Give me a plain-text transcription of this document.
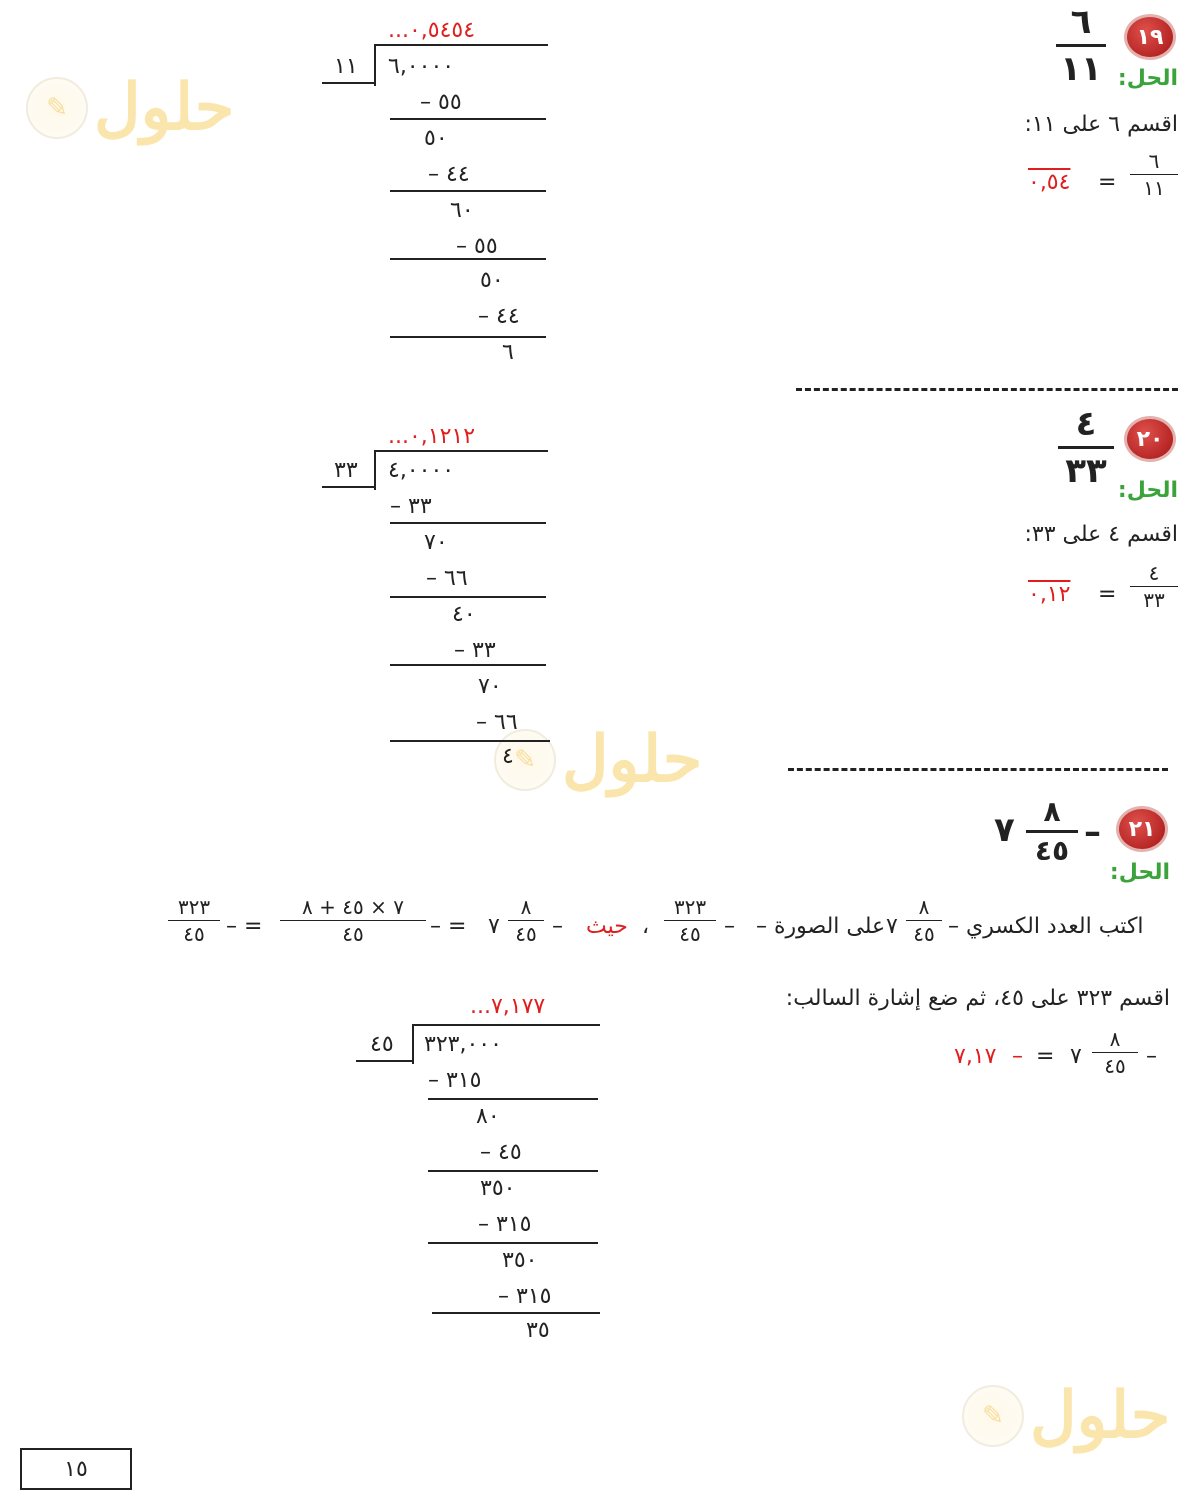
✎ حلول
✎ حلول
✎ حلول
١٩
٦
١١ الحل:
اقسم ٦ على ١١:
٦
١١
=
٠,٥٤
٠,٥٤٥٤...
١١ ٦,٠٠٠٠
٥٥ –
٥٠
٤٤ –
٦٠
٥٥ –
٥٠
٤٤ –
٦
٢٠
٤
٣٣ الحل:
اقسم ٤ على ٣٣:
٤
٣٣
=
٠,١٢
٠,١٢١٢...
٣٣ ٤,٠٠٠٠
٣٣ –
٧٠
٦٦ –
٤٠
٣٣ –
٧٠
٦٦ –
٤
٢١
–
٨
٤٥
٧
الحل:
٣٢٣
٤٥ – =
٧ × ٤٥ + ٨
٤٥	– = ٧
٨
٤٥ – حيث ،
٣٢٣
٤٥ – على الصورة – ٧
٨
٤٥ اكتب العدد الكسري –
اقسم ٣٢٣ على ٤٥، ثم ضع إشارة السالب:
–
٨
٤٥
٧
=
–
٧,١٧
٧,١٧٧...
٤٥ ٣٢٣,٠٠٠
٣١٥ –
٨٠
٤٥ –
٣٥٠
٣١٥ –
٣٥٠
٣١٥ –
٣٥
١٥
